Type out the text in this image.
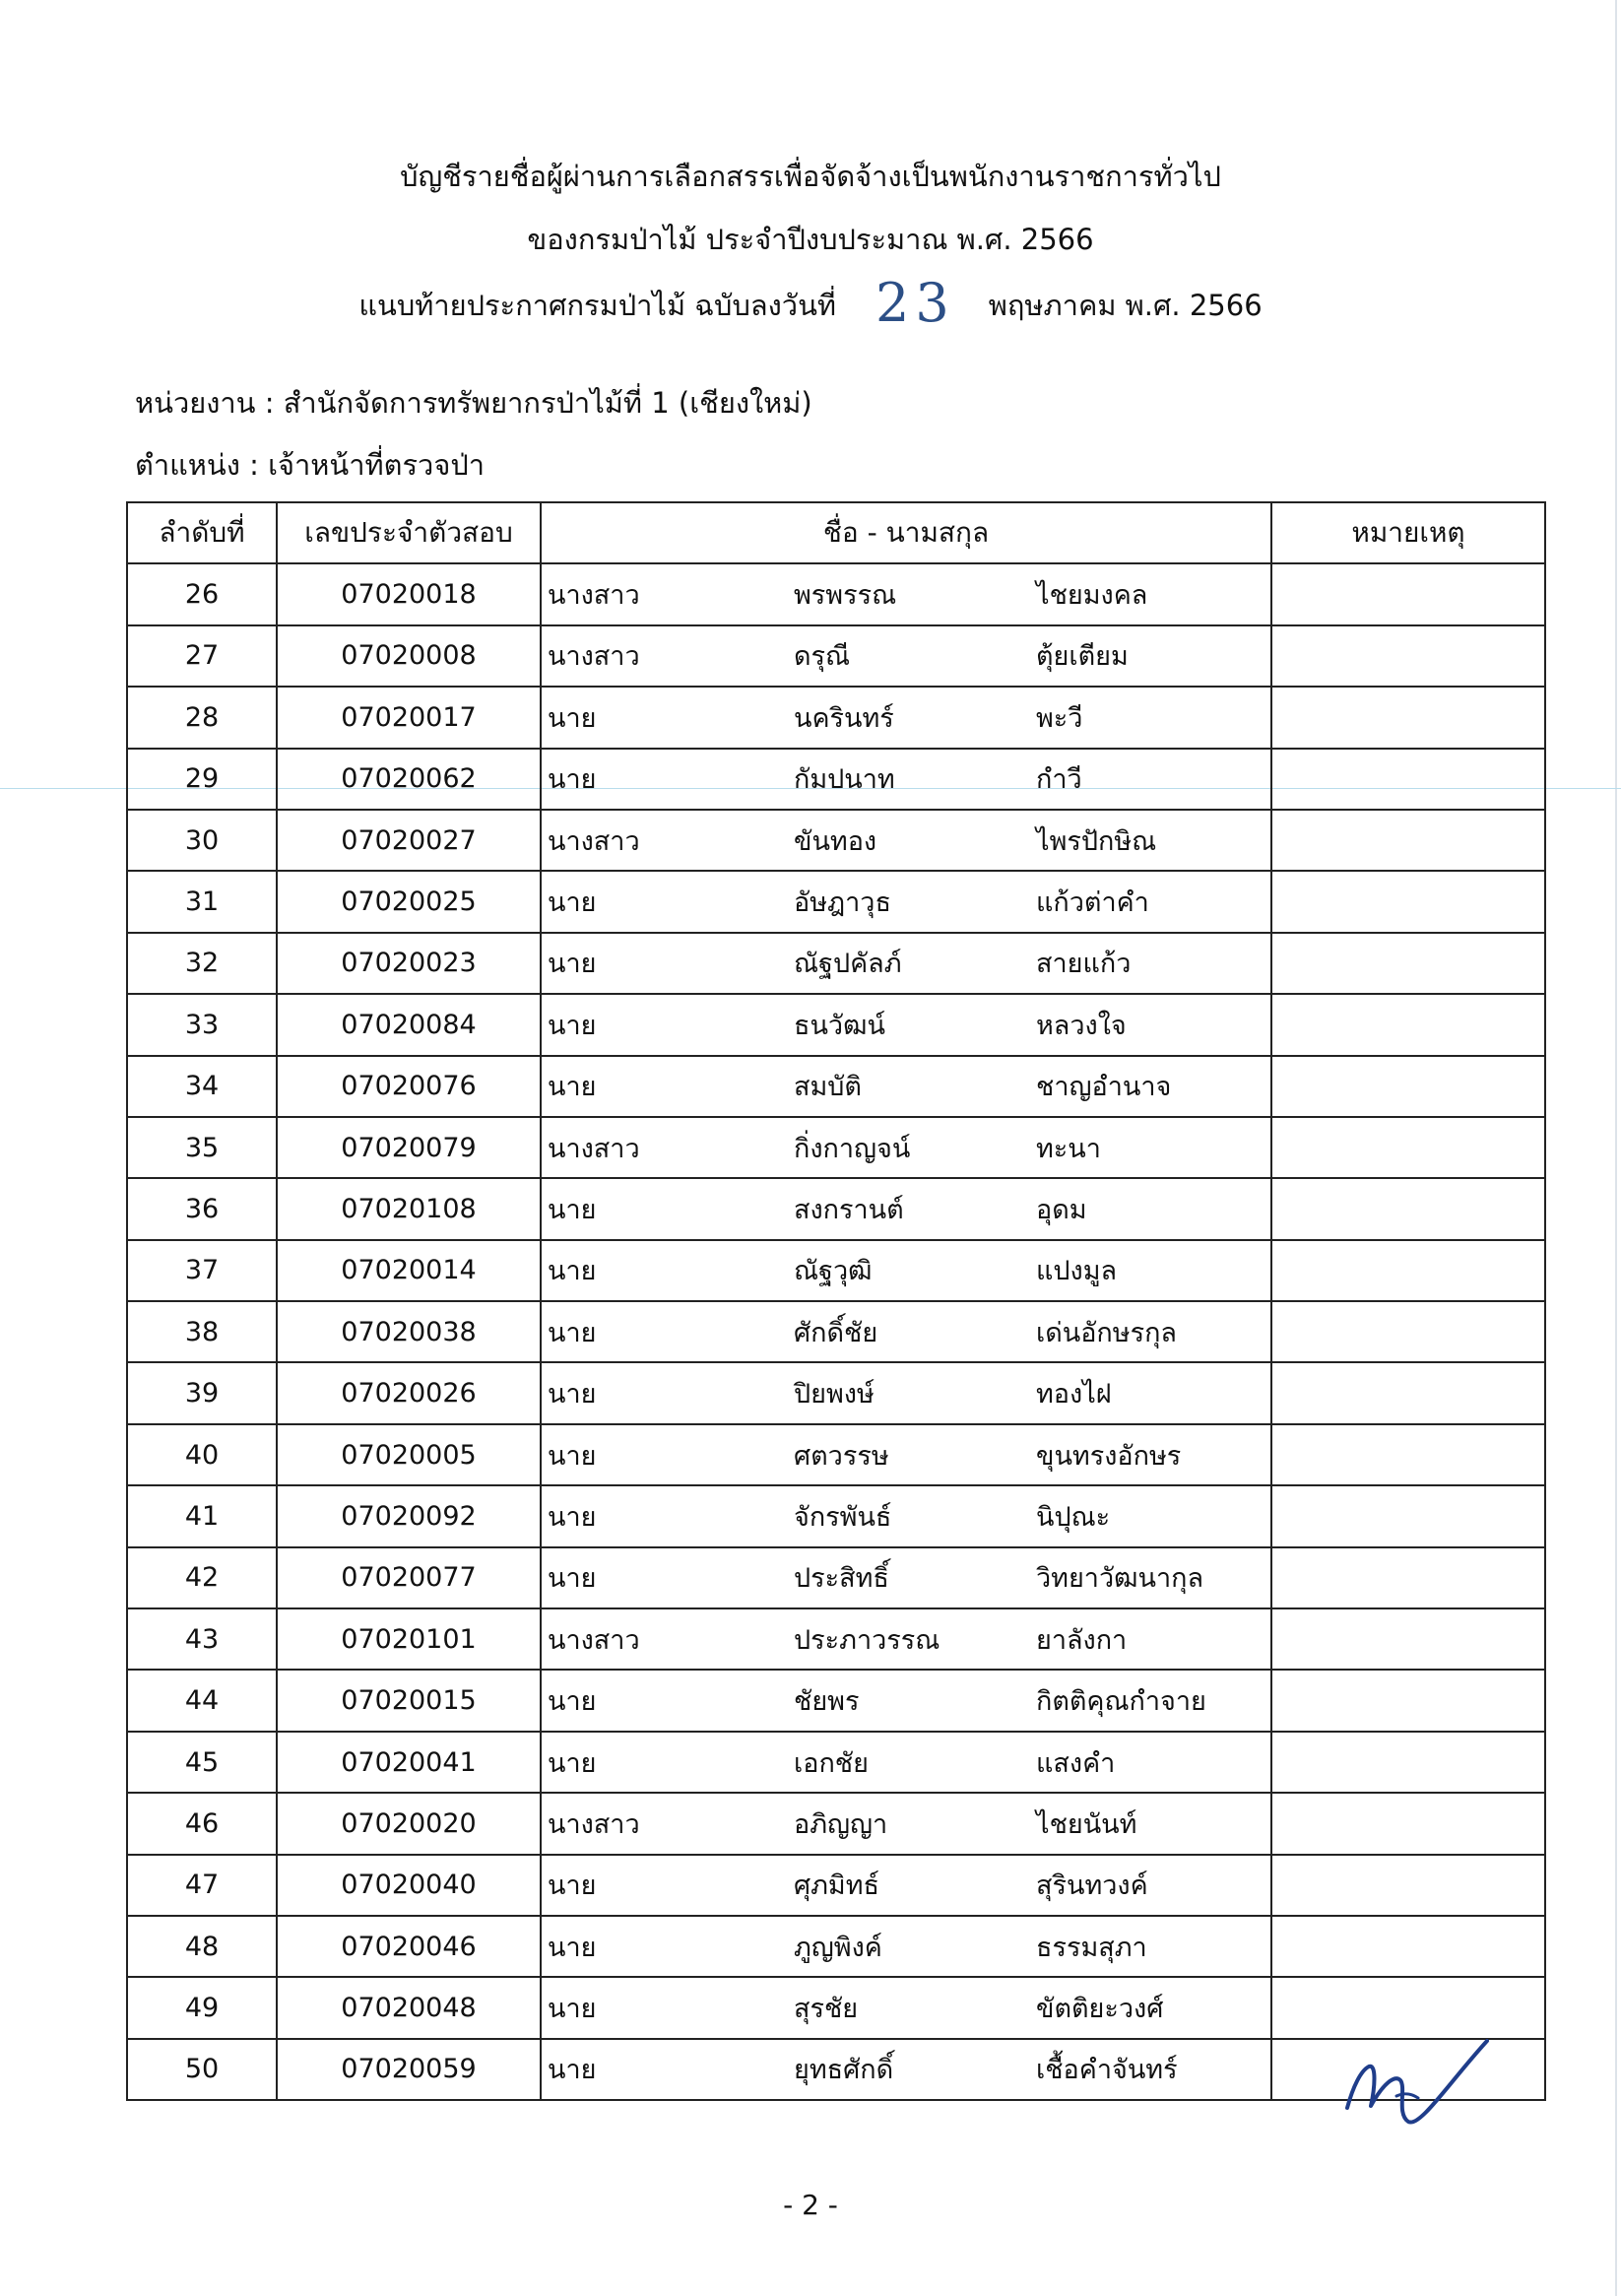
บัญชีรายชื่อผู้ผ่านการเลือกสรรเพื่อจัดจ้างเป็นพนักงานราชการทั่วไป
ของกรมป่าไม้ ประจำปีงบประมาณ พ.ศ. 2566
แนบท้ายประกาศกรมป่าไม้ ฉบับลงวันที่ 23 พฤษภาคม พ.ศ. 2566
หน่วยงาน : สำนักจัดการทรัพยากรป่าไม้ที่ 1 (เชียงใหม่)
ตำแหน่ง : เจ้าหน้าที่ตรวจป่า
ลำดับที่	เลขประจำตัวสอบ	ชื่อ - นามสกุล	หมายเหตุ
26	07020018	นางสาว พรพรรณ ไชยมงคล	

27	07020008	นางสาว ดรุณี ตุ้ยเตียม	

28	07020017	นาย นครินทร์ พะวี	

29	07020062	นาย กัมปนาท กำวี	

30	07020027	นางสาว ขันทอง ไพรปักษิณ	

31	07020025	นาย อัษฎาวุธ แก้วต่าคำ	

32	07020023	นาย ณัฐปคัลภ์ สายแก้ว	

33	07020084	นาย ธนวัฒน์ หลวงใจ	

34	07020076	นาย สมบัติ ชาญอำนาจ	

35	07020079	นางสาว กิ่งกาญจน์ ทะนา	

36	07020108	นาย สงกรานต์ อุดม	

37	07020014	นาย ณัฐวุฒิ แปงมูล	

38	07020038	นาย ศักดิ์ชัย เด่นอักษรกุล	

39	07020026	นาย ปิยพงษ์ ทองไฝ	

40	07020005	นาย ศตวรรษ ขุนทรงอักษร	

41	07020092	นาย จักรพันธ์ นิปุณะ	

42	07020077	นาย ประสิทธิ์ วิทยาวัฒนากุล	

43	07020101	นางสาว ประภาวรรณ ยาลังกา	

44	07020015	นาย ชัยพร กิตติคุณกำจาย	

45	07020041	นาย เอกชัย แสงคำ	

46	07020020	นางสาว อภิญญา ไชยนันท์	

47	07020040	นาย ศุภมิทธ์ สุรินทวงค์	

48	07020046	นาย ภูญพิงค์ ธรรมสุภา	

49	07020048	นาย สุรชัย ขัตติยะวงศ์	

50	07020059	นาย ยุทธศักดิ์ เชื้อคำจันทร์	

- 2 -
